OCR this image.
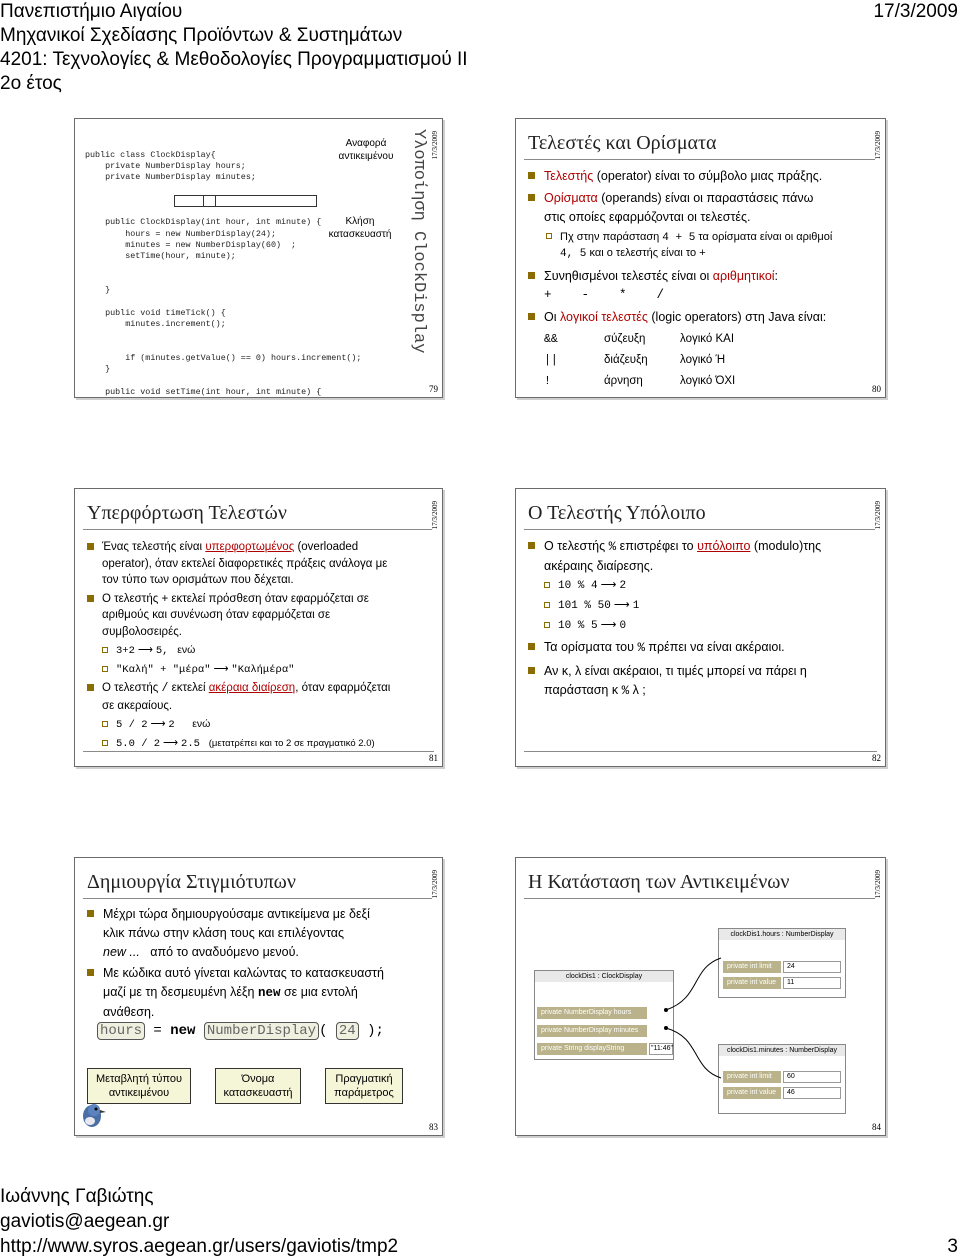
Πανεπιστήμιο Αιγαίου
Μηχανικοί Σχεδίασης Προϊόντων & Συστημάτων
4201: Τεχνολογίες & Μεθοδολογίες Προγραμματισμού ΙΙ
2ο έτος
17/3/2009

public class ClockDisplay{
private NumberDisplay hours;
private NumberDisplay minutes;

public ClockDisplay(int hour, int minute) {
hours = new NumberDisplay(24);
minutes = new NumberDisplay(60)  ;
setTime(hour, minute);

}

public void timeTick() {
minutes.increment();

if (minutes.getValue() == 0) hours.increment();
}

public void setTime(int hour, int minute) {

Αναφορά
αντικειμένου
Κλήση
κατασκευαστή	Υλοποίηση ClockDisplay 17/3/2009
79
Τελεστές και Ορίσματα	17/3/2009
Τελεστής (operator) είναι το σύμβολο μιας πράξης.
Ορίσματα (operands) είναι οι παραστάσεις πάνω
στις οποίες εφαρμόζονται οι τελεστές.
Πχ στην παράσταση 4 + 5 τα ορίσματα είναι οι αριθμοί
4, 5 και ο τελεστής είναι το +
Συνηθισμένοι τελεστές είναι οι αριθμητικοί:
+    -    *    /
Οι λογικοί τελεστές (logic operators) στη Java είναι:
&&	σύζευξη	λογικό ΚΑΙ
||	διάζευξη	λογικό Ή
!	άρνηση	λογικό ΌΧΙ
80
Υπερφόρτωση Τελεστών	17/3/2009
Ένας τελεστής είναι υπερφορτωμένος (overloaded
operator), όταν εκτελεί διαφορετικές πράξεις ανάλογα με
τον τύπο των ορισμάτων που δέχεται.
Ο τελεστής + εκτελεί πρόσθεση όταν εφαρμόζεται σε
αριθμούς και συνένωση όταν εφαρμόζεται σε
συμβολοσειρές.
3+2 ⟶ 5, ενώ
"Καλή" + "μέρα" ⟶ "Καλήμέρα"
Ο τελεστής / εκτελεί ακέραια διαίρεση, όταν εφαρμόζεται
σε ακεραίους.
5 / 2 ⟶ 2 ενώ
5.0 / 2 ⟶ 2.5 (μετατρέπει και το 2 σε πραγματικό 2.0)
81
Ο Τελεστής Υπόλοιπο	17/3/2009
Ο τελεστής % επιστρέφει το υπόλοιπο (modulo)της
ακέραιης διαίρεσης.
10 % 4 ⟶ 2
101 % 50 ⟶ 1
10 % 5 ⟶ 0
Τα ορίσματα του % πρέπει να είναι ακέραιοι.
Αν κ, λ είναι ακέραιοι, τι τιμές μπορεί να πάρει η
παράσταση κ % λ ;
82
Δημιουργία Στιγμιότυπων	17/3/2009
Μέχρι τώρα δημιουργούσαμε αντικείμενα με δεξί
κλικ πάνω στην κλάση τους και επιλέγοντας
new ...   από το αναδυόμενο μενού.
Με κώδικα αυτό γίνεται καλώντας το κατασκευαστή
μαζί με τη δεσμευμένη λέξη new σε μια εντολή
ανάθεση.
hours = new NumberDisplay ( 24 );
Μεταβλητή τύπου
αντικειμένου
Όνομα
κατασκευαστή
Πραγματική
παράμετρος
83
Η Κατάσταση των Αντικειμένων	17/3/2009
clockDis1.hours : NumberDisplay
private int limit	24
private int value	11
clockDis1 : ClockDisplay
private NumberDisplay hours
private NumberDisplay minutes
private String displayString	"11:46"	clockDis1.minutes : NumberDisplay
private int limit	60
private int value	46
84
Ιωάννης Γαβιώτης
gaviotis@aegean.gr
http://www.syros.aegean.gr/users/gaviotis/tmp2	3
